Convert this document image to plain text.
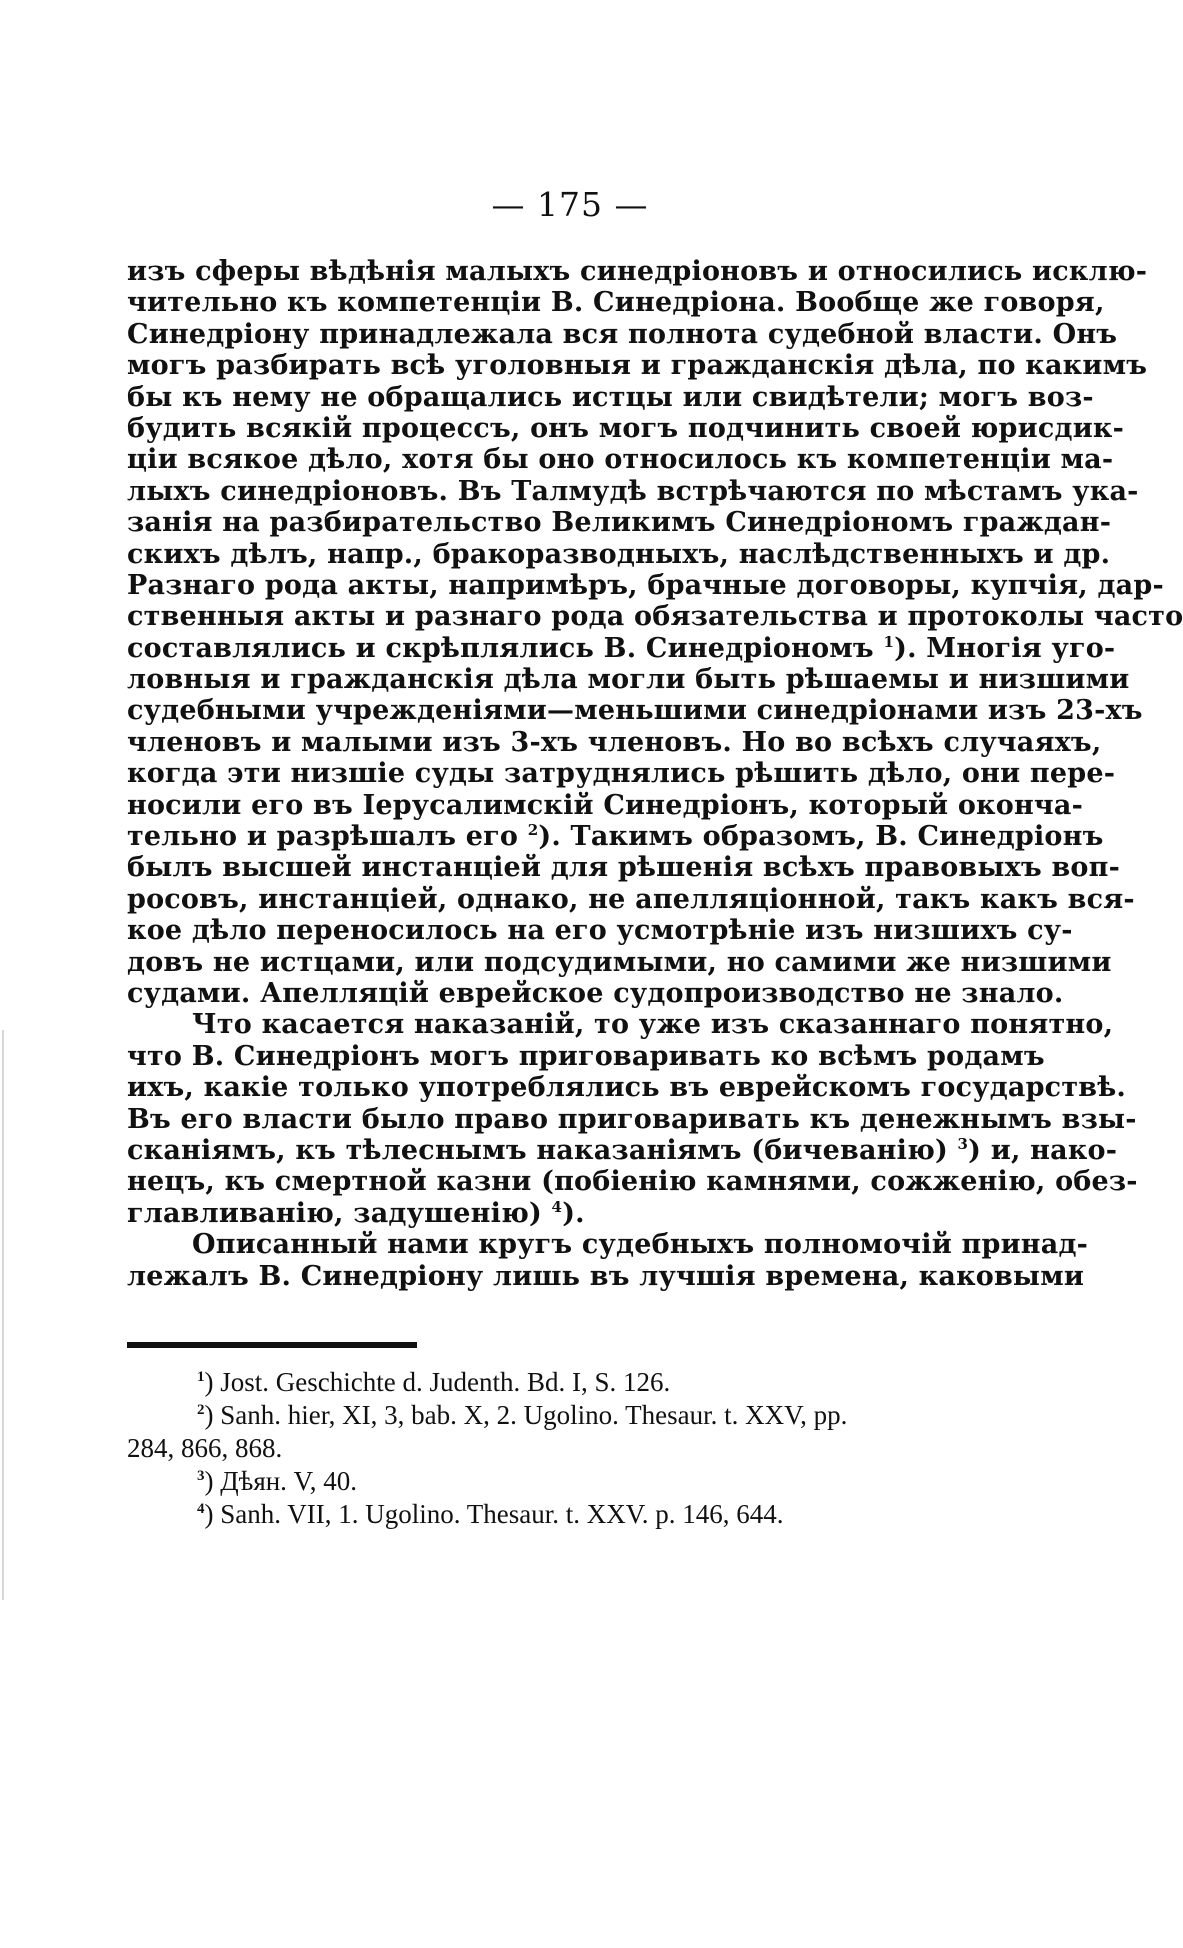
— 175 —
изъ сферы вѣдѣнія малыхъ синедріоновъ и относились исклю-
чительно къ компетенціи В. Синедріона. Вообще же говоря,
Синедріону принадлежала вся полнота судебной власти. Онъ
могъ разбирать всѣ уголовныя и гражданскія дѣла, по какимъ
бы къ нему не обращались истцы или свидѣтели; могъ воз-
будить всякій процессъ, онъ могъ подчинить своей юрисдик-
ціи всякое дѣло, хотя бы оно относилось къ компетенціи ма-
лыхъ синедріоновъ. Въ Талмудѣ встрѣчаются по мѣстамъ ука-
занія на разбирательство Великимъ Синедріономъ граждан-
скихъ дѣлъ, напр., бракоразводныхъ, наслѣдственныхъ и др.
Разнаго рода акты, напримѣръ, брачные договоры, купчія, дар-
ственныя акты и разнаго рода обязательства и протоколы часто
составлялись и скрѣплялись В. Синедріономъ $^1$). Многія уго-
ловныя и гражданскія дѣла могли быть рѣшаемы и низшими
судебными учрежденіями—меньшими синедріонами изъ 23-хъ
членовъ и малыми изъ 3-хъ членовъ. Но во всѣхъ случаяхъ,
когда эти низшіе суды затруднялись рѣшить дѣло, они пере-
носили его въ Іерусалимскій Синедріонъ, который оконча-
тельно и разрѣшалъ его $^2$). Такимъ образомъ, В. Синедріонъ
былъ высшей инстанціей для рѣшенія всѣхъ правовыхъ воп-
росовъ, инстанціей, однако, не апелляціонной, такъ какъ вся-
кое дѣло переносилось на его усмотрѣніе изъ низшихъ су-
довъ не истцами, или подсудимыми, но самими же низшими
судами. Апелляцій еврейское судопроизводство не знало.
Что касается наказаній, то уже изъ сказаннаго понятно,
что В. Синедріонъ могъ приговаривать ко всѣмъ родамъ
ихъ, какіе только употреблялись въ еврейскомъ государствѣ.
Въ его власти было право приговаривать къ денежнымъ взы-
сканіямъ, къ тѣлеснымъ наказаніямъ (бичеванію) $^3$) и, нако-
нецъ, къ смертной казни (побіенію камнями, сожженію, обез-
главливанію, задушенію) $^4$).
Описанный нами кругъ судебныхъ полномочій принад-
лежалъ В. Синедріону лишь въ лучшія времена, каковыми
$^1$) Jost. Geschichte d. Judenth. Bd. I, S. 126.
$^2$) Sanh. hier, XI, 3, bab. X, 2. Ugolino. Thesaur. t. XXV, pp.
284, 866, 868.
$^3$) Дѣян. V, 40.
$^4$) Sanh. VII, 1. Ugolino. Thesaur. t. XXV. p. 146, 644.
